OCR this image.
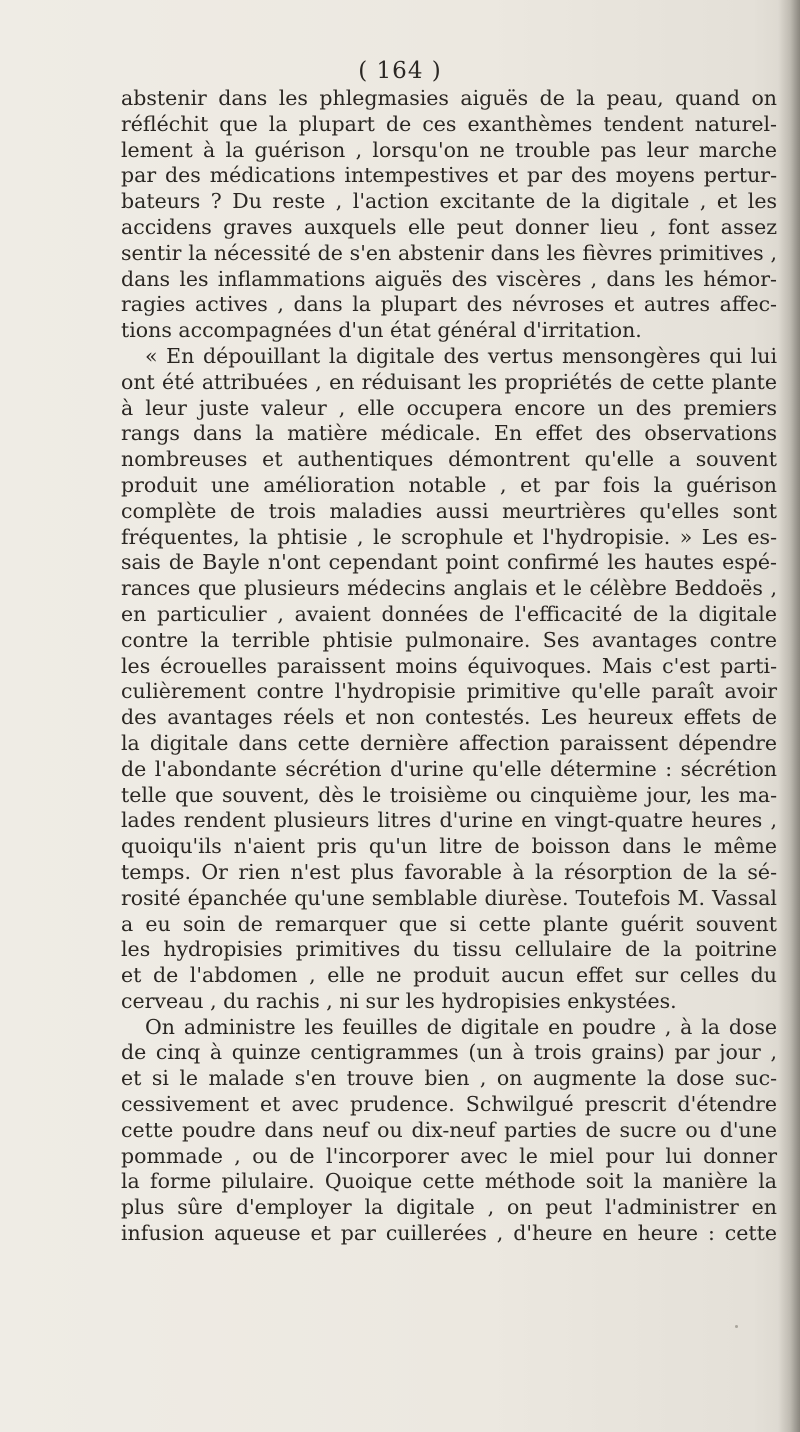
( 164 )
abstenir dans les phlegmasies aiguës de la peau, quand on
réfléchit que la plupart de ces exanthèmes tendent naturel-
lement à la guérison , lorsqu'on ne trouble pas leur marche
par des médications intempestives et par des moyens pertur-
bateurs ? Du reste , l'action excitante de la digitale , et les
accidens graves auxquels elle peut donner lieu , font assez
sentir la nécessité de s'en abstenir dans les fièvres primitives ,
dans les inflammations aiguës des viscères , dans les hémor-
ragies actives , dans la plupart des névroses et autres affec-
tions accompagnées d'un état général d'irritation.
« En dépouillant la digitale des vertus mensongères qui lui
ont été attribuées , en réduisant les propriétés de cette plante
à leur juste valeur , elle occupera encore un des premiers
rangs dans la matière médicale. En effet des observations
nombreuses et authentiques démontrent qu'elle a souvent
produit une amélioration notable , et par fois la guérison
complète de trois maladies aussi meurtrières qu'elles sont
fréquentes, la phtisie , le scrophule et l'hydropisie. » Les es-
sais de Bayle n'ont cependant point confirmé les hautes espé-
rances que plusieurs médecins anglais et le célèbre Beddoës ,
en particulier , avaient données de l'efficacité de la digitale
contre la terrible phtisie pulmonaire. Ses avantages contre
les écrouelles paraissent moins équivoques. Mais c'est parti-
culièrement contre l'hydropisie primitive qu'elle paraît avoir
des avantages réels et non contestés. Les heureux effets de
la digitale dans cette dernière affection paraissent dépendre
de l'abondante sécrétion d'urine qu'elle détermine : sécrétion
telle que souvent, dès le troisième ou cinquième jour, les ma-
lades rendent plusieurs litres d'urine en vingt-quatre heures ,
quoiqu'ils n'aient pris qu'un litre de boisson dans le même
temps. Or rien n'est plus favorable à la résorption de la sé-
rosité épanchée qu'une semblable diurèse. Toutefois M. Vassal
a eu soin de remarquer que si cette plante guérit souvent
les hydropisies primitives du tissu cellulaire de la poitrine
et de l'abdomen , elle ne produit aucun effet sur celles du
cerveau , du rachis , ni sur les hydropisies enkystées.
On administre les feuilles de digitale en poudre , à la dose
de cinq à quinze centigrammes (un à trois grains) par jour ,
et si le malade s'en trouve bien , on augmente la dose suc-
cessivement et avec prudence. Schwilgué prescrit d'étendre
cette poudre dans neuf ou dix-neuf parties de sucre ou d'une
pommade , ou de l'incorporer avec le miel pour lui donner
la forme pilulaire. Quoique cette méthode soit la manière la
plus sûre d'employer la digitale , on peut l'administrer en
infusion aqueuse et par cuillerées , d'heure en heure : cette
